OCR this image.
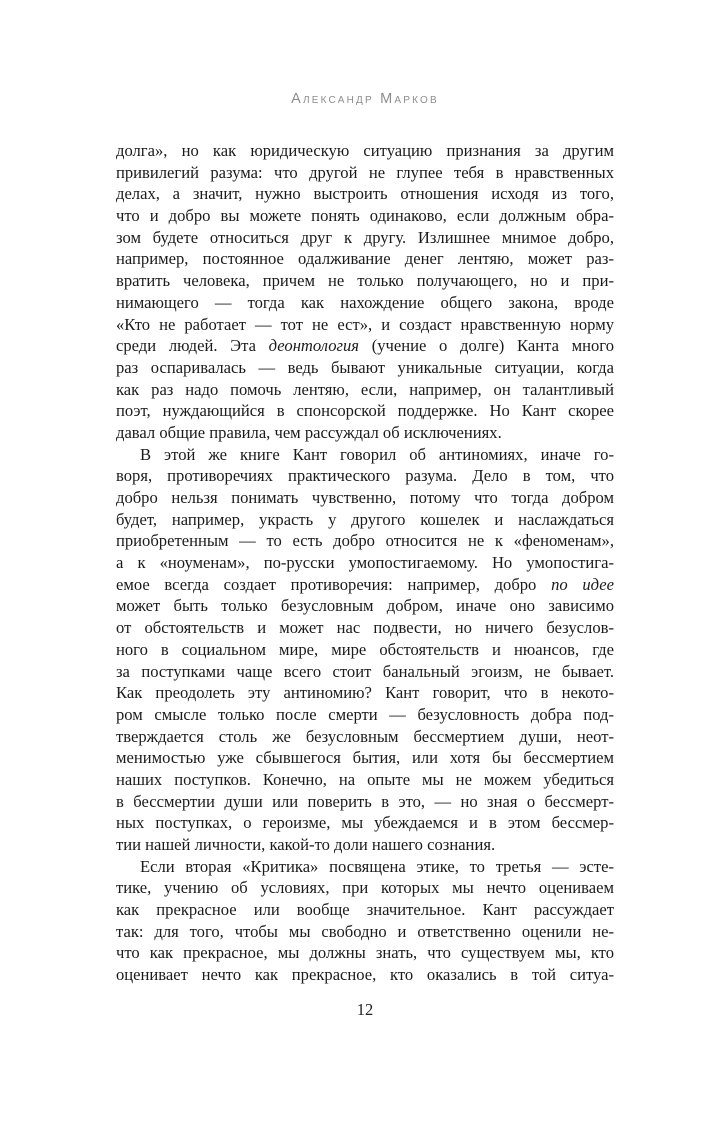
Александр Марков
долга», но как юридическую ситуацию признания за другим
привилегий разума: что другой не глупее тебя в нравственных
делах, а значит, нужно выстроить отношения исходя из того,
что и добро вы можете понять одинаково, если должным обра-
зом будете относиться друг к другу. Излишнее мнимое добро,
например, постоянное одалживание денег лентяю, может раз-
вратить человека, причем не только получающего, но и при-
нимающего — тогда как нахождение общего закона, вроде
«Кто не работает — тот не ест», и создаст нравственную норму
среди людей. Эта деонтология (учение о долге) Канта много
раз оспаривалась — ведь бывают уникальные ситуации, когда
как раз надо помочь лентяю, если, например, он талантливый
поэт, нуждающийся в спонсорской поддержке. Но Кант скорее
давал общие правила, чем рассуждал об исключениях.
В этой же книге Кант говорил об антиномиях, иначе го-
воря, противоречиях практического разума. Дело в том, что
добро нельзя понимать чувственно, потому что тогда добром
будет, например, украсть у другого кошелек и наслаждаться
приобретенным — то есть добро относится не к «феноменам»,
а к «ноуменам», по-русски умопостигаемому. Но умопостига-
емое всегда создает противоречия: например, добро по идее
может быть только безусловным добром, иначе оно зависимо
от обстоятельств и может нас подвести, но ничего безуслов-
ного в социальном мире, мире обстоятельств и нюансов, где
за поступками чаще всего стоит банальный эгоизм, не бывает.
Как преодолеть эту антиномию? Кант говорит, что в некото-
ром смысле только после смерти — безусловность добра под-
тверждается столь же безусловным бессмертием души, неот-
менимостью уже сбывшегося бытия, или хотя бы бессмертием
наших поступков. Конечно, на опыте мы не можем убедиться
в бессмертии души или поверить в это, — но зная о бессмерт-
ных поступках, о героизме, мы убеждаемся и в этом бессмер-
тии нашей личности, какой-то доли нашего сознания.
Если вторая «Критика» посвящена этике, то третья — эсте-
тике, учению об условиях, при которых мы нечто оцениваем
как прекрасное или вообще значительное. Кант рассуждает
так: для того, чтобы мы свободно и ответственно оценили не-
что как прекрасное, мы должны знать, что существуем мы, кто
оценивает нечто как прекрасное, кто оказались в той ситуа-
12
